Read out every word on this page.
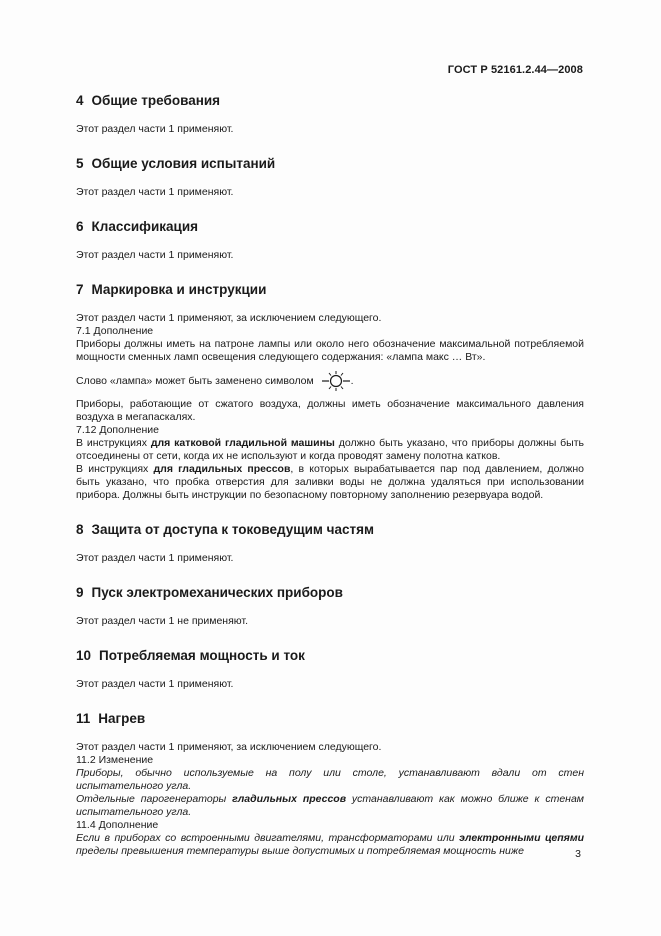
ГОСТ Р 52161.2.44—2008
4 Общие требования

Этот раздел части 1 применяют.

5 Общие условия испытаний

Этот раздел части 1 применяют.

6 Классификация

Этот раздел части 1 применяют.

7 Маркировка и инструкции

Этот раздел части 1 применяют, за исключением следующего.

7.1 Дополнение

Приборы должны иметь на патроне лампы или около него обозначение максимальной потребляемой мощности сменных ламп освещения следующего содержания: «лампа макс … Вт».

Слово «лампа» может быть заменено символом	.

Приборы, работающие от сжатого воздуха, должны иметь обозначение максимального давления воздуха в мегапаскалях.

7.12 Дополнение

В инструкциях для катковой гладильной машины должно быть указано, что приборы должны быть отсоединены от сети, когда их не используют и когда проводят замену полотна катков.

В инструкциях для гладильных прессов, в которых вырабатывается пар под давлением, должно быть указано, что пробка отверстия для заливки воды не должна удаляться при использовании прибора. Должны быть инструкции по безопасному повторному заполнению резервуара водой.

8 Защита от доступа к токоведущим частям

Этот раздел части 1 применяют.

9 Пуск электромеханических приборов

Этот раздел части 1 не применяют.

10 Потребляемая мощность и ток

Этот раздел части 1 применяют.

11 Нагрев

Этот раздел части 1 применяют, за исключением следующего.

11.2 Изменение

Приборы, обычно используемые на полу или столе, устанавливают вдали от стен испытательного угла.

Отдельные парогенераторы гладильных прессов устанавливают как можно ближе к стенам испытательного угла.

11.4 Дополнение

Если в приборах со встроенными двигателями, трансформаторами или электронными цепями пределы превышения температуры выше допустимых и потребляемая мощность ниже	3
